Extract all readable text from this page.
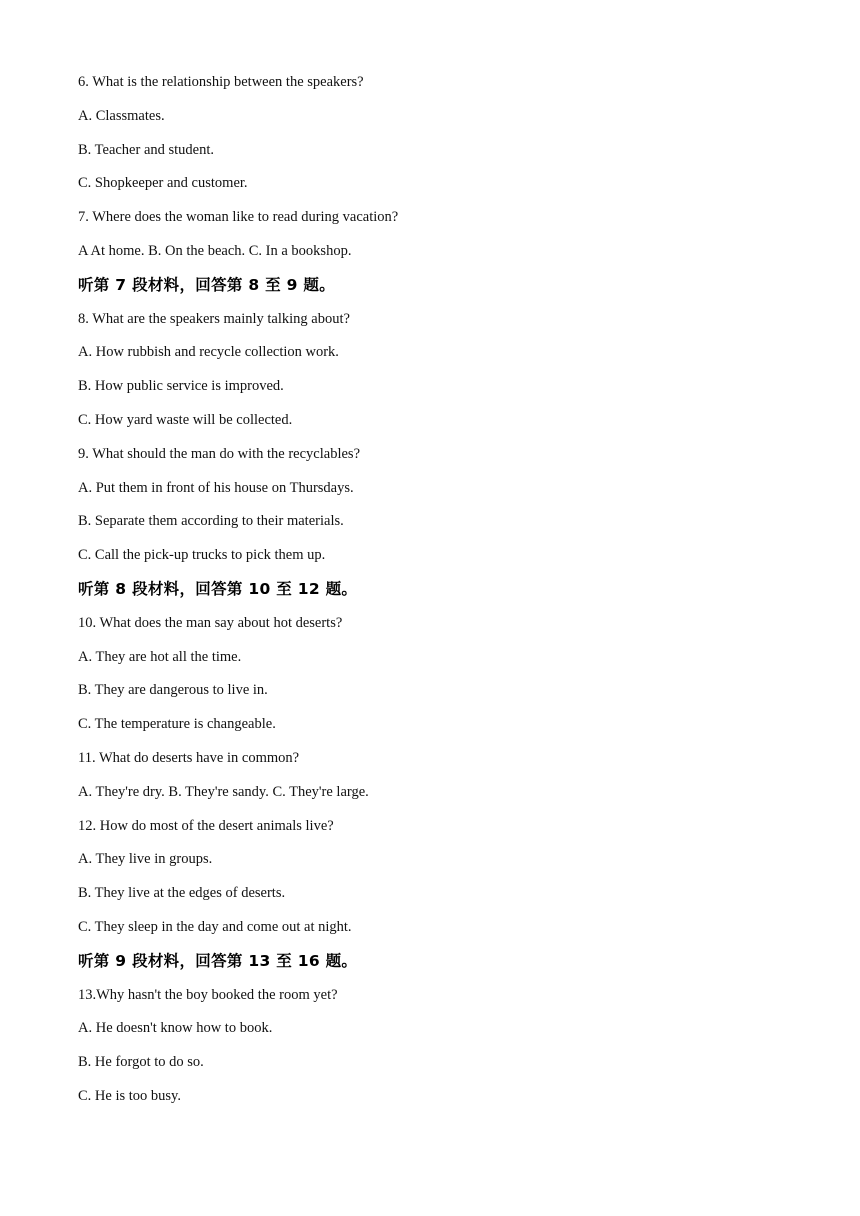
6. What is the relationship between the speakers?
A. Classmates.
B. Teacher and student.
C. Shopkeeper and customer.
7. Where does the woman like to read during vacation?
A At home. B. On the beach. C. In a bookshop.
听第 7 段材料，回答第 8 至 9 题。
8. What are the speakers mainly talking about?
A. How rubbish and recycle collection work.
B. How public service is improved.
C. How yard waste will be collected.
9. What should the man do with the recyclables?
A. Put them in front of his house on Thursdays.
B. Separate them according to their materials.
C. Call the pick-up trucks to pick them up.
听第 8 段材料，回答第 10 至 12 题。
10. What does the man say about hot deserts?
A. They are hot all the time.
B. They are dangerous to live in.
C. The temperature is changeable.
11. What do deserts have in common?
A. They're dry. B. They're sandy. C. They're large.
12. How do most of the desert animals live?
A. They live in groups.
B. They live at the edges of deserts.
C. They sleep in the day and come out at night.
听第 9 段材料，回答第 13 至 16 题。
13.Why hasn't the boy booked the room yet?
A. He doesn't know how to book.
B. He forgot to do so.
C. He is too busy.
